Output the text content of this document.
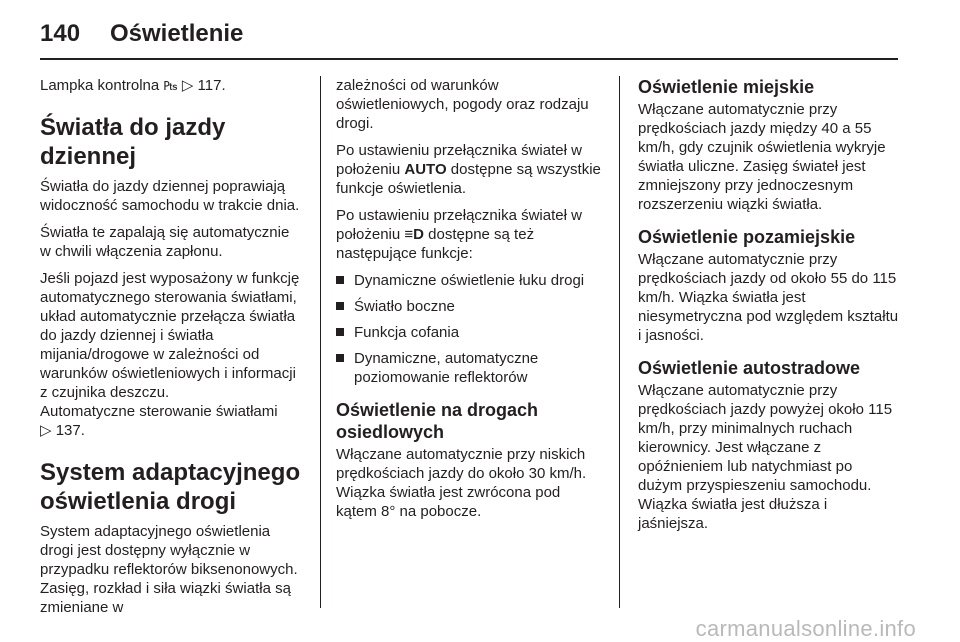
140 Oświetlenie

Lampka kontrolna ₧ ▷ 117.

Światła do jazdy dziennej

Światła do jazdy dziennej poprawiają widoczność samochodu w trakcie dnia.

Światła te zapalają się automatycznie w chwili włączenia zapłonu.

Jeśli pojazd jest wyposażony w funkcję automatycznego sterowania światłami, układ automatycznie przełącza światła do jazdy dziennej i światła mijania/drogowe w zależności od warunków oświetleniowych i informacji z czujnika deszczu.

Automatyczne sterowanie światłami
▷ 137.

System adaptacyjnego oświetlenia drogi

System adaptacyjnego oświetlenia drogi jest dostępny wyłącznie w przypadku reflektorów biksenonowych. Zasięg, rozkład i siła wiązki światła są zmieniane w

zależności od warunków oświetleniowych, pogody oraz rodzaju drogi.

Po ustawieniu przełącznika świateł w położeniu AUTO dostępne są wszystkie funkcje oświetlenia.

Po ustawieniu przełącznika świateł w położeniu ≡D dostępne są też następujące funkcje:

Dynamiczne oświetlenie łuku drogi
Światło boczne
Funkcja cofania
Dynamiczne, automatyczne poziomowanie reflektorów
Oświetlenie na drogach osiedlowych

Włączane automatycznie przy niskich prędkościach jazdy do około 30 km/h. Wiązka światła jest zwrócona pod kątem 8° na pobocze.

Oświetlenie miejskie

Włączane automatycznie przy prędkościach jazdy między 40 a 55 km/h, gdy czujnik oświetlenia wykryje światła uliczne. Zasięg świateł jest zmniejszony przy jednoczesnym rozszerzeniu wiązki światła.

Oświetlenie pozamiejskie

Włączane automatycznie przy prędkościach jazdy od około 55 do 115 km/h. Wiązka światła jest niesymetryczna pod względem kształtu i jasności.

Oświetlenie autostradowe

Włączane automatycznie przy prędkościach jazdy powyżej około 115 km/h, przy minimalnych ruchach kierownicy. Jest włączane z opóźnieniem lub natychmiast po dużym przyspieszeniu samochodu. Wiązka światła jest dłuższa i jaśniejsza.

carmanualsonline.info
